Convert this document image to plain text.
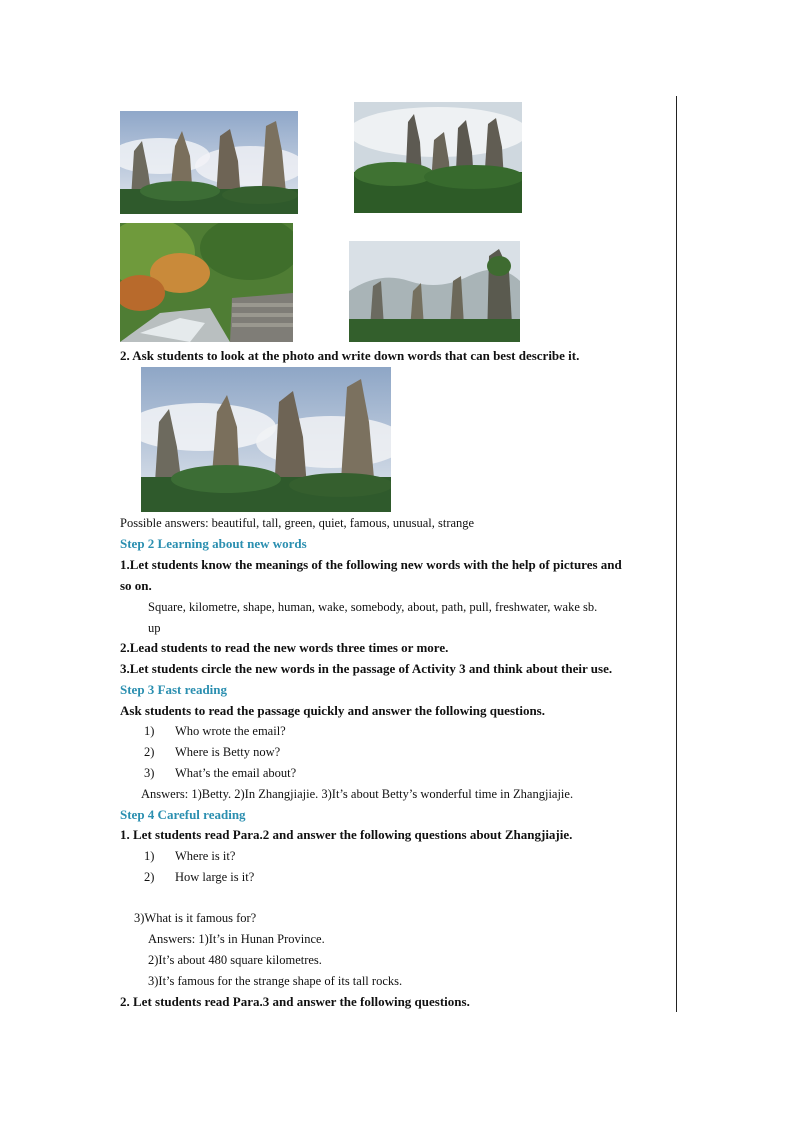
2. Ask students to look at the photo and write down words that can best describe it.
Possible answers: beautiful, tall, green, quiet, famous, unusual, strange
Step 2 Learning about new words
1.Let students know the meanings of the following new words with the help of pictures and
so on.
Square, kilometre, shape, human, wake, somebody, about, path, pull, freshwater, wake sb.
up
2.Lead students to read the new words three times or more.
3.Let students circle the new words in the passage of Activity 3 and think about their use.
Step 3 Fast reading
Ask students to read the passage quickly and answer the following questions.
1) Who wrote the email?
2) Where is Betty now?
3) What’s the email about?
Answers: 1)Betty. 2)In Zhangjiajie. 3)It’s about Betty’s wonderful time in Zhangjiajie.
Step 4 Careful reading
1. Let students read Para.2 and answer the following questions about Zhangjiajie.
1) Where is it?
2) How large is it?
3)What is it famous for?
Answers: 1)It’s in Hunan Province.
2)It’s about 480 square kilometres.
3)It’s famous for the strange shape of its tall rocks.
2. Let students read Para.3 and answer the following questions.
